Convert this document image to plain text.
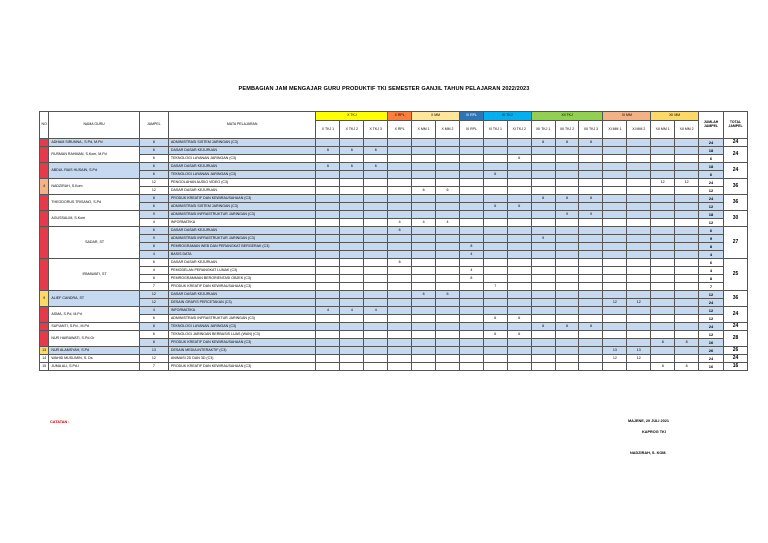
PEMBAGIAN JAM MENGAJAR GURU PRODUKTIF TKI SEMESTER GANJIL TAHUN PELAJARAN 2022/2023
NO	NAMA GURU	JAMPEL	MATA PELAJARAN	X TKJ			X RPL	X MM		XI RPL	XI TKJ		XII TKJ			XI MM		XII MM		JUMLAH JAMPEL	TOTAL JAMPEL
				X TKJ 1	X TKJ 2	X TKJ 3	X RPL	X MM 1	X MM 2	XI RPL	XI TKJ 1	XI TKJ 2	XII TKJ 1	XII TKJ 2	XII TKJ 3	XI MM 1	XI MM 2	XII MM 1	XII MM 2		
1	ADHAM SIRUNNA , S.Pd, M.Pd	8	ADMINISTRASI SISTEM JARINGAN (C3)										8	8	8					24	24
2	RUSMAN RAHMAN, S.Kom, M.Pd	6	DASAR DASAR KEJURUAN	6	6	6														18	24
		6	TEKNOLOGI LAYANAN JARINGAN (C3)									6								6	
3	ABDUL RAIS HUSAIN, S.Pd	6	DASAR DASAR KEJURUAN	6	6	6														18	24
		6	TEKNOLOGI LAYANAN JARINGAN (C3)								6									6	
4	NADZIRAH, S.Kom	12	PENGOLAHAN AUDIO VIDEO (C3)															12	12	24	36
		12	DASAR DASAR KEJURUAN					6	6											12	
5	THEODORUS TRISANO, S.Pd	8	PRODUK KREATIF DAN KEWIRAUSAHAAN (C3)										8	8	8					24	36
		6	ADMINISTRASI SISTEM JARINGAN (C3)								6	6								12	
6	AGUSSALIM, S.Kom	9	ADMINISTRASI INFRASTRUKTUR JARINGAN (C3)											9	9					18	30
		4	INFORMATIKA				4	4	4											12	
7	SADAR, ST	6	DASAR DASAR KEJURUAN				6													6	27
		9	ADMINISTRASI INFRASTRUKTUR JARINGAN (C3)										9							9	
		8	PEMROGRAMAN WEB DAN PERANGKAT BERGERAK (C3)							8										8	
		4	BASIS DATA							4										4	
8	IRMAWATI, ST	6	DASAR DASAR KEJURUAN				6													6	25
		4	PEMODELAN PERANGKAT LUNAK (C3)							4										4	
		8	PEMROGRAMMAN BERORIENTASI OBJEK (C3)							8										8	
		7	PRODUK KREATIF DAN KEWIRAUSAHAAN (C3)								7									7	
9	ALIEF CANDRA, ST	12	DASAR DASAR KEJURUAN					6	6											12	36
		12	DESAIN GRAFIS PERCETAKAN (C3)													12	12			24	
10	ASMA, S.Pd, M.Pd	4	INFORMATIKA	4	4	4														12	24
		6	ADMINISTRASI INFRASTRUKTUR JARINGAN (C3)								6	6								12	
11	SUFIANTI, S.Pd., M.Pd	8	TEKNOLOGI LAYANAN JARINGAN (C3)										8	8	8					24	24
12	NUR HAIRAWATI, S.Pd.Gr	6	TEKNOLOGI JARINGAN BERBASIS LUAS (WAN) (C3)								6	6								12	28
		8	PRODUK KREATIF DAN KEWIRAUSAHAAN (C3)															8	8	16	
13	NUR ALAMSYAH, S.Pd	13	DESAIN MEDIA INTERAKTIF (C3)													13	13			26	26
14	WAHID MUSLIMIN, S. Ds	12	ANIMASI 2D DAN 3D (C3)													12	12			24	24
15	JUMA ALI, S.Pd.I	7	PRODUK KREATIF DAN KEWIRAUSAHAAN (C3)															8	8	16	16
CATATAN :	MAJENE, 20 JULI 2021
KAPROG TKI
NADZIRAH, S. KOM.
